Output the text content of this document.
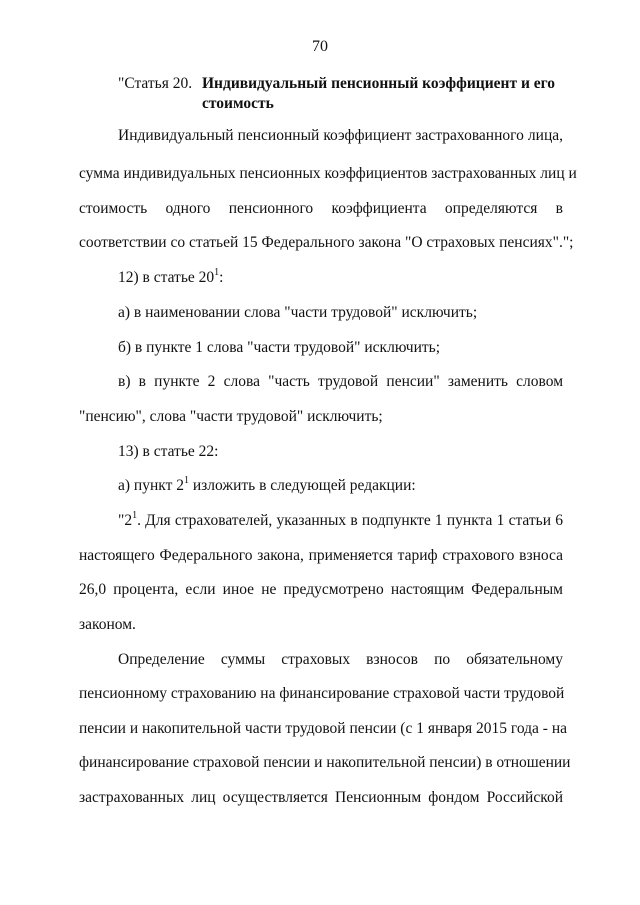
70
"Статья 20. Индивидуальный пенсионный коэффициент и его
стоимость
Индивидуальный пенсионный коэффициент застрахованного лица,
сумма индивидуальных пенсионных коэффициентов застрахованных лиц и
стоимость одного пенсионного коэффициента определяются в
соответствии со статьей 15 Федерального закона "О страховых пенсиях".";
12) в статье $20^1$:
а) в наименовании слова "части трудовой" исключить;
б) в пункте 1 слова "части трудовой" исключить;
в) в пункте 2 слова "часть трудовой пенсии" заменить словом
"пенсию", слова "части трудовой" исключить;
13) в статье 22:
а) пункт $2^1$ изложить в следующей редакции:
"$2^1$. Для страхователей, указанных в подпункте 1 пункта 1 статьи 6
настоящего Федерального закона, применяется тариф страхового взноса
26,0 процента, если иное не предусмотрено настоящим Федеральным
законом.
Определение суммы страховых взносов по обязательному
пенсионному страхованию на финансирование страховой части трудовой
пенсии и накопительной части трудовой пенсии (с 1 января 2015 года - на
финансирование страховой пенсии и накопительной пенсии) в отношении
застрахованных лиц осуществляется Пенсионным фондом Российской
